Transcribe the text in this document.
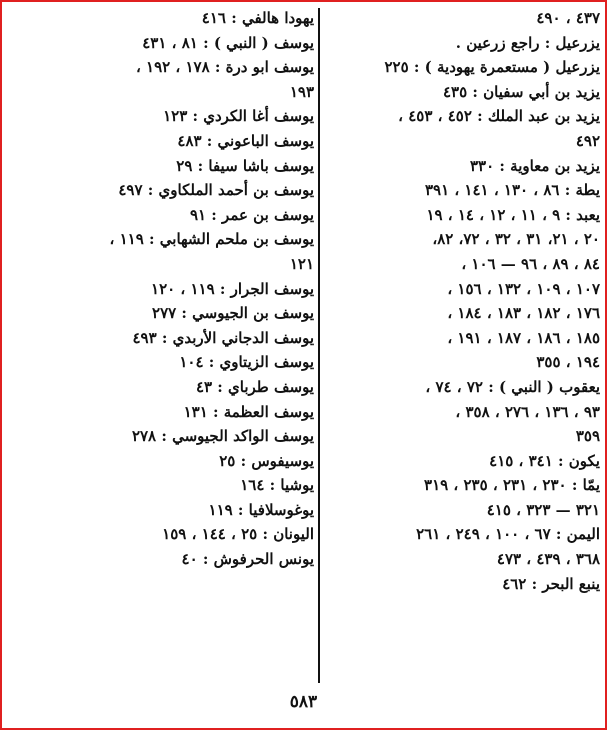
٤٣٧ ، ٤٩٠
يزرعيل : راجع زرعين .
يزرعيل ( مستعمرة يهودية ) : ٢٢٥
يزيد بن أبي سفيان : ٤٣٥
يزيد بن عبد الملك : ٤٥٢ ، ٤٥٣ ،
٤٩٢
يزيد بن معاوية : ٣٣٠
يطة : ٨٦ ، ١٣٠ ، ١٤١ ، ٣٩١
يعبد : ٩ ، ١١ ، ١٢ ، ١٤ ، ١٩
٢٠ ، ٢١، ٣١ ، ٣٢ ، ٧٢، ٨٢،
٨٤ ، ٨٩ ، ٩٦ — ١٠٦ ،
١٠٧ ، ١٠٩ ، ١٣٢ ، ١٥٦ ،
١٧٦ ، ١٨٢ ، ١٨٣ ، ١٨٤ ،
١٨٥ ، ١٨٦ ، ١٨٧ ، ١٩١ ،
١٩٤ ، ٣٥٥
يعقوب ( النبي ) : ٧٢ ، ٧٤ ،
٩٣ ، ١٣٦ ، ٢٧٦ ، ٣٥٨ ،
٣٥٩
يكون : ٣٤١ ، ٤١٥
يمّا : ٢٣٠ ، ٢٣١ ، ٢٣٥ ، ٣١٩
٣٢١ — ٣٢٣ ، ٤١٥
اليمن : ٦٧ ، ١٠٠ ، ٢٤٩ ، ٢٦١
٣٦٨ ، ٤٣٩ ، ٤٧٣
ينبع البحر : ٤٦٢
يهودا هالفي : ٤١٦
يوسف ( النبي ) : ٨١ ، ٤٣١
يوسف ابو درة : ١٧٨ ، ١٩٢ ،
١٩٣
يوسف أغا الكردي : ١٢٣
يوسف الباعوني : ٤٨٣
يوسف باشا سيفا : ٢٩
يوسف بن أحمد الملكاوي : ٤٩٧
يوسف بن عمر : ٩١
يوسف بن ملحم الشهابي : ١١٩ ،
١٢١
يوسف الجرار : ١١٩ ، ١٢٠
يوسف بن الجيوسي : ٢٧٧
يوسف الدجاني الأربدي : ٤٩٣
يوسف الزيتاوي : ١٠٤
يوسف طرباي : ٤٣
يوسف العظمة : ١٣١
يوسف الواكد الجيوسي : ٢٧٨
يوسيفوس : ٢٥
يوشيا : ١٦٤
يوغوسلافيا : ١١٩
اليونان : ٢٥ ، ١٤٤ ، ١٥٩
يونس الحرفوش : ٤٠
٥٨٣
